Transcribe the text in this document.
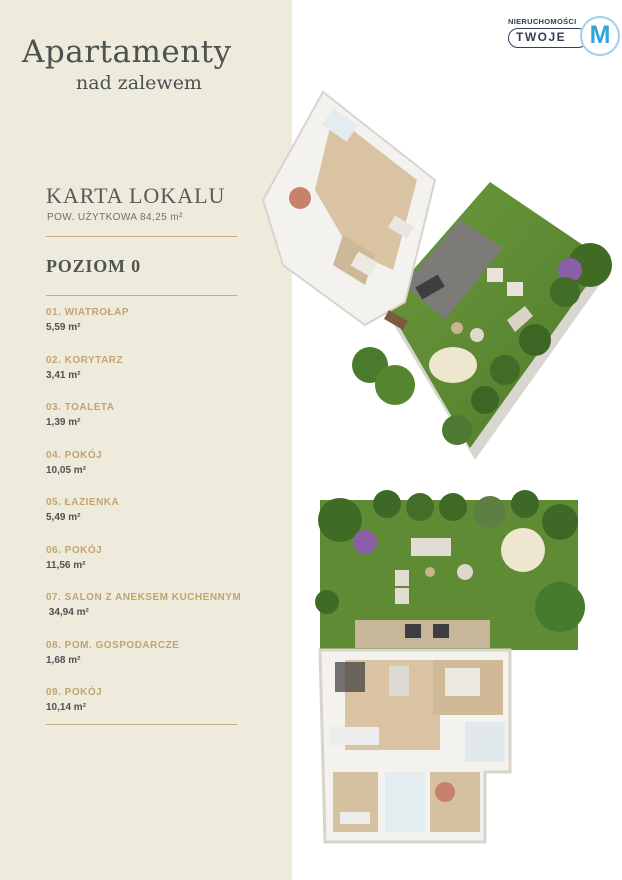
Apartamenty
nad zalewem
KARTA LOKALU
POW. UŻYTKOWA 84,25 m²
POZIOM 0
01. WIATROŁAP
5,59 m²
02. KORYTARZ
3,41 m²
03. TOALETA
1,39 m²
04. POKÓJ
10,05 m²
05. ŁAZIENKA
5,49 m²
06. POKÓJ
11,56 m²
07. SALON Z ANEKSEM KUCHENNYM
34,94 m²
08. POM. GOSPODARCZE
1,68 m²
09. POKÓJ
10,14 m²
NIERUCHOMOŚCI
TWOJE M
